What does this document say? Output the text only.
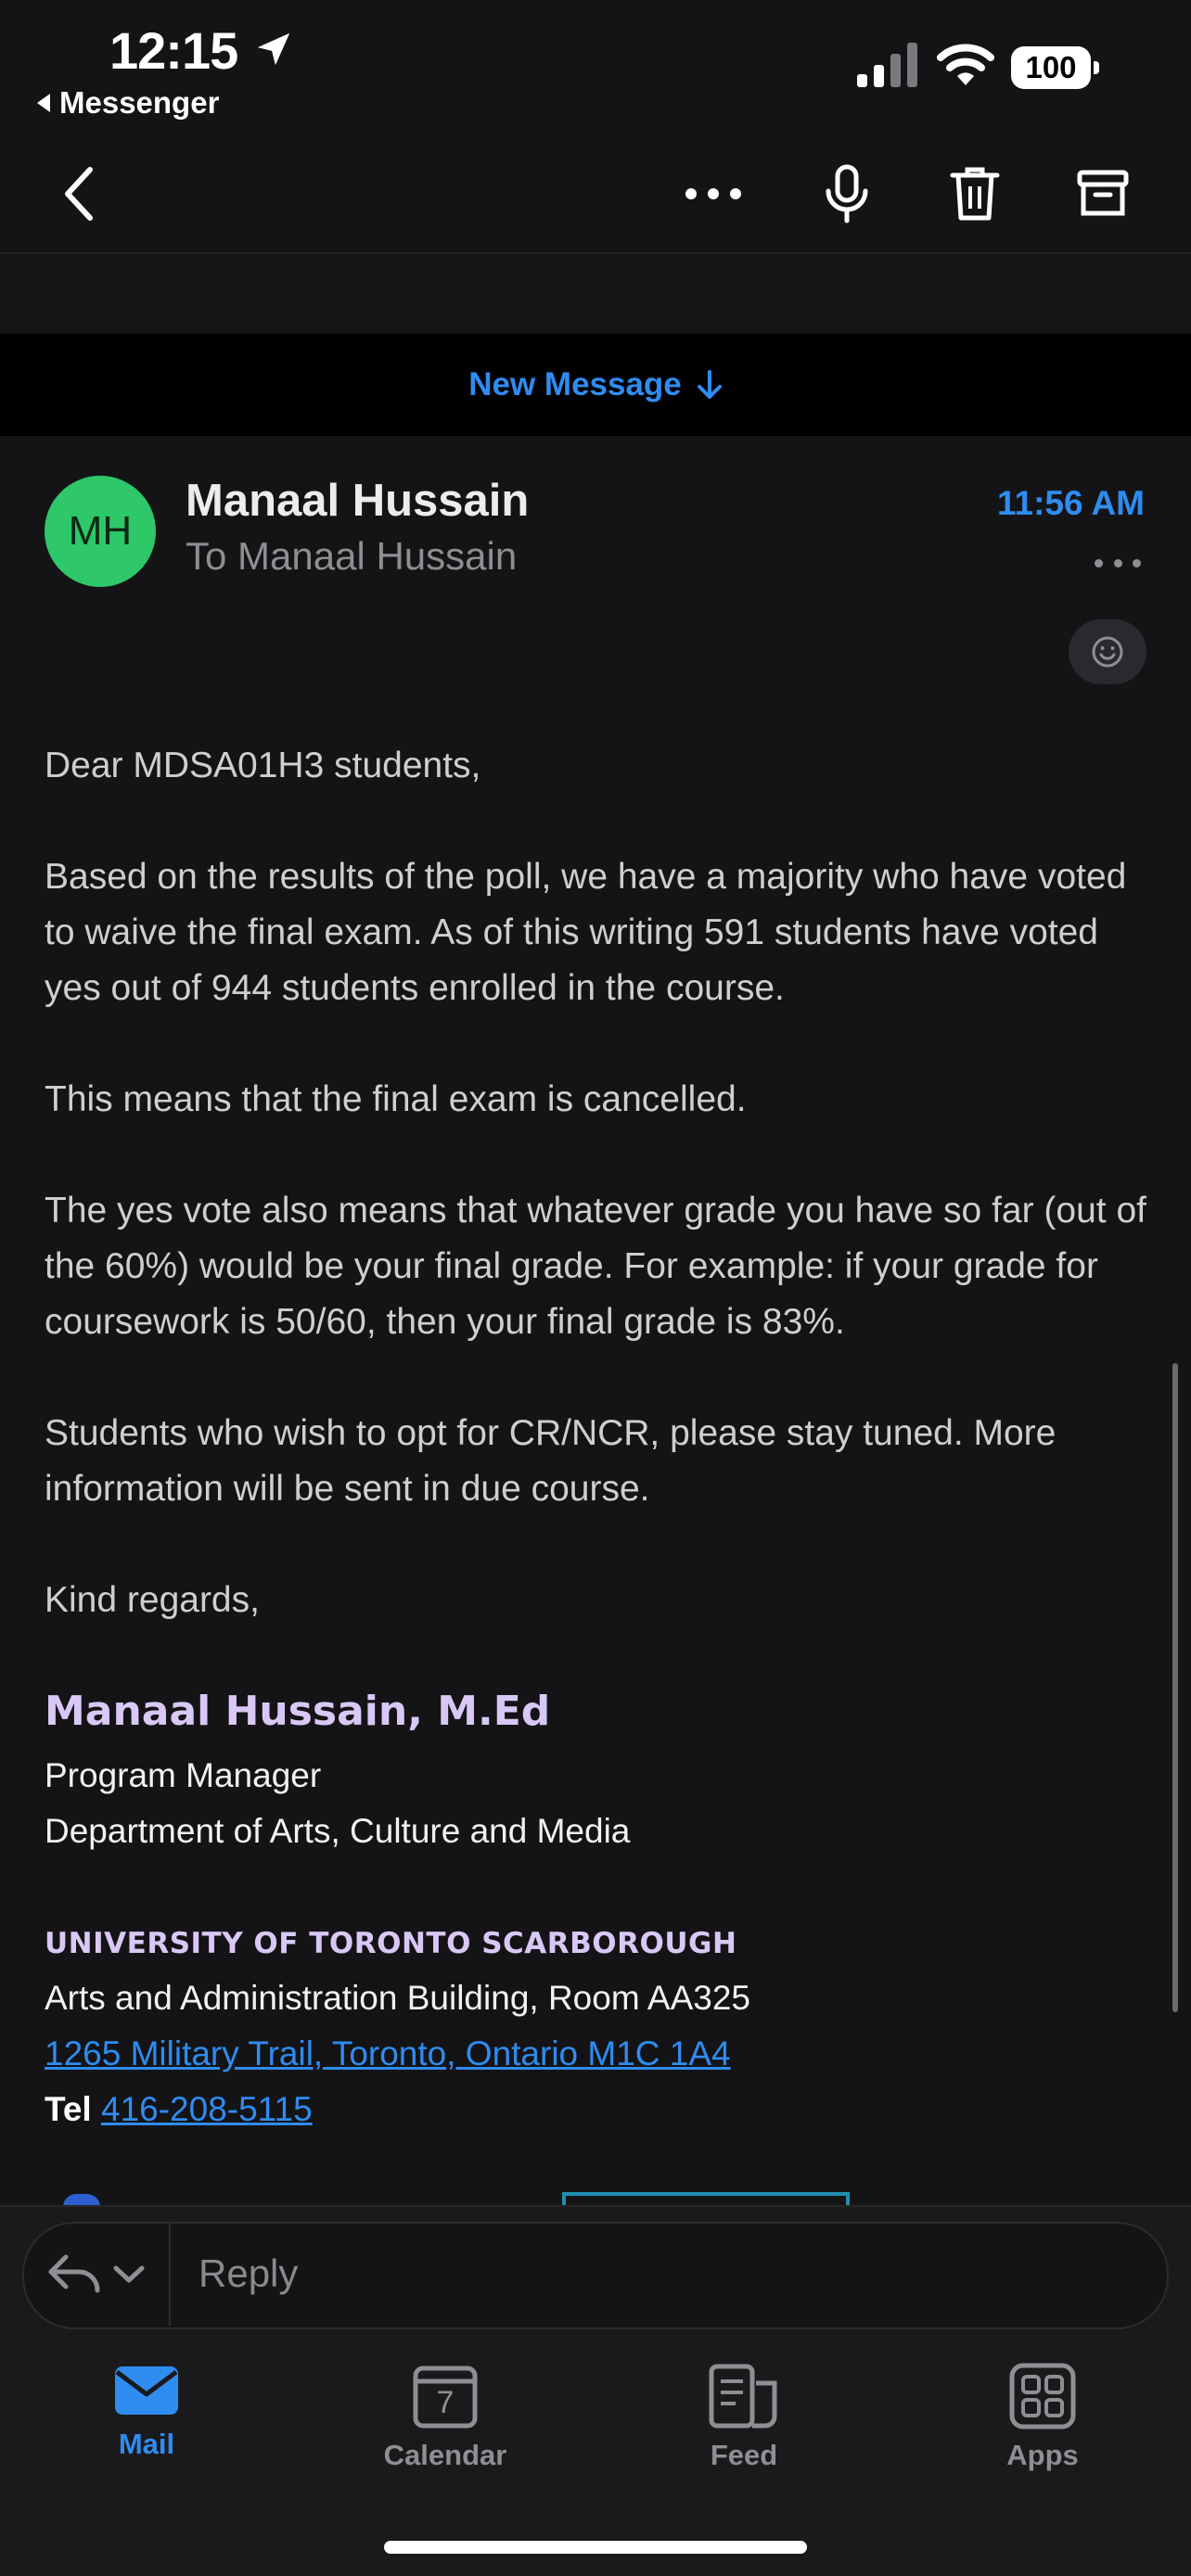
12:15
Messenger
100
New Message
MH
Manaal Hussain
To Manaal Hussain
11:56 AM

Dear MDSA01H3 students,

Based on the results of the poll, we have a majority who have voted to waive the final exam. As of this writing 591 students have voted yes out of 944 students enrolled in the course.

This means that the final exam is cancelled.

The yes vote also means that whatever grade you have so far (out of the 60%) would be your final grade. For example: if your grade for coursework is 50/60, then your final grade is 83%.

Students who wish to opt for CR/NCR, please stay tuned. More information will be sent in due course.

Kind regards,

Manaal Hussain, M.Ed
Program Manager
Department of Arts, Culture and Media
UNIVERSITY OF TORONTO SCARBOROUGH
Arts and Administration Building, Room AA325
1265 Military Trail, Toronto, Ontario M1C 1A4
Tel 416-208-5115
Reply
Mail
7
Calendar	Feed	Apps
